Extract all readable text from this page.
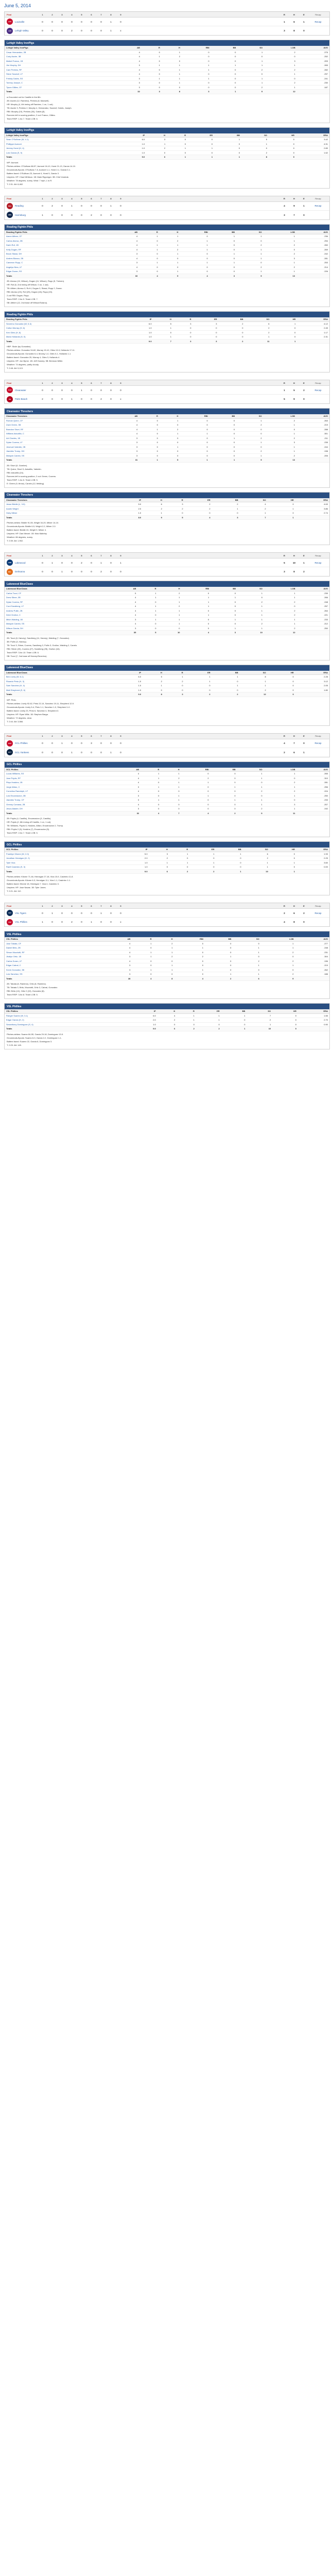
June 5, 2014
Final	1	2	3	4	5	6	7	8	9	R	H	E	Recap
LOU	Louisville	0	0	0	0	0	0	0	1	0	1	6	1	Recap
LHV	Lehigh Valley	0	0	0	2	0	0	0	1	x	3	8	0
Lehigh Valley IronPigs
Lehigh Valley IronPigs	AB	R	H	RBI	BB	SO	LOB	AVG
Cesar Hernandez, 2B	4	0	1	0	0	1	2	.275
Cody Asche, 3B	4	1	2	0	0	0	0	.252
Maikel Franco, 1B	4	0	0	0	0	1	3	.209
Jim Murphy, DH	3	1	1	1	1	1	1	.265
Cam Perkins, RF	4	0	1	1	0	2	2	.282
Steve Susdorf, LF	4	0	1	0	0	0	1	.297
Freddy Galvis, SS	3	1	1	1	0	1	0	.241
Tommy Joseph, C	3	0	1	0	0	1	2	.230
Tyson Gillies, CF	3	0	0	0	0	2	1	.187
Totals	32	3	8	3	1	9	12	

a-Grounded out for Castillo in the 8th.

2B: Asche (12, Ramirez), Perkins (8, Maxwell).

HR: Murphy (4, 4th inning off Ramirez, 1 on, 1 out).

TB: Asche 3, Perkins 2, Murphy 4, Hernandez, Susdorf, Galvis, Joseph.

RBI: Murphy (19), Perkins (30), Galvis (8).

Runners left in scoring position, 2 out: Franco, Gillies.

Team RISP: 1-for-7. Team LOB: 6.

Lehigh Valley IronPigs
Lehigh Valley IronPigs	IP	H	R	ER	BB	SO	HR	ERA
Sean O'Sullivan (W, 4-1)	6.0	3	0	0	1	5	0	3.42
Phillippe Aumont	1.0	1	0	0	0	1	0	4.91
Jeremy Horst (H, 4)	1.0	2	1	1	0	0	0	2.89
Luis Garcia (S, 9)	1.0	0	0	0	0	2	0	1.62
Totals	9.0	6	1	1	1	8	0	

WP: Aumont.

Pitches-strikes: O'Sullivan 88-57, Aumont 16-10, Horst 21-13, Garcia 14-10.

Groundouts-flyouts: O'Sullivan 7-5, Aumont 1-1, Horst 2-1, Garcia 0-1.

Batters faced: O'Sullivan 23, Aumont 4, Horst 5, Garcia 3.

Umpires: HP: Chad Whitson. 1B: Mark Ripperger. 3B: Clint Vondrak.

Weather: 78 degrees, sunny. Wind: 7 mph, L to R.

T: 2:31. Att: 8,462.

Final	1	2	3	4	5	6	7	8	9	R	H	E	Recap
REA	Reading	0	2	0	1	0	0	0	1	0	4	9	1	Recap
HBG	Harrisburg	1	0	0	0	0	2	0	0	0	3	7	0
Reading Fightin Phils
Reading Fightin Phils	AB	R	H	RBI	BB	SO	LOB	AVG
Aaron Altherr, CF	4	1	1	0	1	1	1	.236
Carlos Alonso, 3B	4	0	2	1	0	0	1	.294
Darin Ruf, 1B	4	1	1	1	0	2	2	.260
Kelly Dugan, RF	4	1	2	1	0	1	0	.269
Brock Stassi, DH	3	0	1	0	1	1	2	.242
Andres Blanco, 2B	4	0	0	0	0	1	3	.281
Cameron Rupp, C	3	1	1	1	1	0	1	.253
Angelys Nina, LF	4	0	0	0	0	2	2	.214
Edgar Duran, SS	3	0	1	0	0	1	1	.226
Totals	33	4	9	4	3	9	13	

2B: Alonso (10, Wilson), Dugan (11, Wilson), Rupp (5, Treinen).

HR: Ruf (6, 2nd inning off Wilson, 0 on, 1 out).

TB: Altherr, Alonso 3, Ruf 4, Dugan 3, Stassi, Rupp 2, Duran.

RBI: Alonso (22), Ruf (25), Dugan (18), Rupp (15).

2-out RBI: Dugan, Rupp.

Team RISP: 2-for-9. Team LOB: 7.

SB: Altherr (12, 2nd base off Wilson/Solano).

Reading Fightin Phils
Reading Fightin Phils	IP	H	R	ER	BB	SO	HR	ERA
Severino Gonzalez (W, 5-3)	6.0	5	3	3	2	6	1	4.12
Colton Murray (H, 6)	1.0	1	0	0	0	2	0	2.45
Ken Giles (H, 8)	1.0	0	0	0	0	2	0	1.17
Mario Hollands (S, 5)	1.0	1	0	0	0	1	0	2.31
Totals	9.0	7	3	3	2	11	1	

HBP: Skole (by Gonzalez).

Pitches-strikes: Gonzalez 94-60, Murray 15-10, Giles 13-9, Hollands 17-11.

Groundouts-flyouts: Gonzalez 6-4, Murray 1-0, Giles 0-1, Hollands 1-1.

Batters faced: Gonzalez 25, Murray 4, Giles 3, Hollands 4.

Umpires: HP: Jon Byrne. 1B: Jeff Gosney. 3B: Brennan Miller.

Weather: 74 degrees, partly cloudy.

T: 2:48. Att: 5,113.

Final	1	2	3	4	5	6	7	8	9	R	H	E	Recap
CLR	Clearwater	0	0	0	0	1	0	0	0	0	1	5	2	Recap
PB	Palm Beach	2	0	0	1	0	0	2	0	x	5	9	0
Clearwater Threshers
Clearwater Threshers	AB	R	H	RBI	BB	SO	LOB	AVG
Roman Quinn, CF	4	0	1	0	0	1	2	.263
Zach Green, 3B	4	0	0	0	0	2	1	.219
Brandon Short, RF	4	1	2	0	0	0	0	.288
Willians Astudillo, C	4	0	1	1	0	0	1	.301
Art Charles, 1B	3	0	0	0	1	2	2	.211
Dylan Cozens, LF	3	0	0	0	0	1	3	.235
Jesmuel Valentin, 2B	3	0	1	0	0	0	1	.244
Jiandido Tromp, DH	3	0	0	0	0	2	1	.198
Malquin Canelo, SS	3	0	0	0	0	1	2	.206
Totals	31	1	5	1	1	9	13	

2B: Short (9, Gomber).

TB: Quinn, Short 3, Astudillo, Valentin.

RBI: Astudillo (24).

Runners left in scoring position, 2 out: Green, Cozens.

Team RISP: 1-for-5. Team LOB: 5.

E: Green (9, throw), Canelo (12, fielding).

Clearwater Threshers
Clearwater Threshers	IP	H	R	ER	BB	SO	HR	ERA
Jesse Biddle (L, 3-5)	5.0	6	3	2	2	4	0	4.63
Austin Wright	2.0	2	2	2	1	2	1	3.86
Hoby Milner	1.0	1	0	0	0	1	0	2.74
Totals	8.0	9	5	4	3	7	1	

Pitches-strikes: Biddle 91-55, Wright 34-20, Milner 14-10.

Groundouts-flyouts: Biddle 6-5, Wright 2-2, Milner 2-0.

Batters faced: Biddle 24, Wright 9, Milner 4.

Umpires: HP: Dan Merzel. 1B: Nick Mahrley.

Weather: 86 degrees, sunny.

T: 2:39. Att: 1,902.

Final	1	2	3	4	5	6	7	8	9	R	H	E	Recap
LWD	Lakewood	0	1	0	0	2	0	1	0	1	5	10	1	Recap
DEL	Delmarva	0	0	1	0	0	0	2	0	0	3	8	2
Lakewood BlueClaws
Lakewood BlueClaws	AB	R	H	RBI	BB	SO	LOB	AVG
Carlos Tocci, CF	5	1	2	0	0	1	1	.239
Drew Stiner, 3B	4	1	1	1	1	0	1	.266
Dylan Cozens, RF	4	0	1	1	0	2	2	.248
Cord Sandberg, LF	4	1	2	1	0	1	0	.257
Andrew Pullin, 2B	4	1	1	0	0	1	2	.264
Deivi Grullon, C	4	0	1	1	0	1	2	.221
Mitch Walding, 1B	3	1	1	0	1	1	1	.233
Malquin Canelo, SS	4	0	1	0	0	2	1	.212
Wilson Garcia, DH	3	0	0	0	1	1	2	.250
Totals	35	5	10	4	3	10	12	

2B: Tocci (8, Harvey), Sandberg (11, Harvey), Walding (7, Gonzalez).

3B: Pullin (3, Harvey).

TB: Tocci 3, Stiner, Cozens, Sandberg 3, Pullin 3, Grullon, Walding 2, Canelo.

RBI: Stiner (20), Cozens (27), Sandberg (25), Grullon (16).

Team RISP: 3-for-10. Team LOB: 6.

SB: Tocci (7, 2nd base off Harvey/Severino).

Lakewood BlueClaws
Lakewood BlueClaws	IP	H	R	ER	BB	SO	HR	ERA
Ben Lively (W, 6-1)	6.0	5	1	1	1	8	0	2.28
Ricardo Pinto (H, 3)	1.0	2	2	1	0	1	0	3.12
Sam Sanchez (H, 4)	1.0	1	0	0	1	1	0	2.05
Matt Shepherd (S, 6)	1.0	0	0	0	0	2	0	1.80
Totals	9.0	8	3	2	2	12	0	

WP: Pinto.

Pitches-strikes: Lively 92-62, Pinto 22-14, Sanchez 19-11, Shepherd 12-9.

Groundouts-flyouts: Lively 5-4, Pinto 1-1, Sanchez 1-0, Shepherd 1-0.

Batters faced: Lively 23, Pinto 6, Sanchez 4, Shepherd 3.

Umpires: HP: Ryan Wills. 1B: Stephen Barga.

Weather: 72 degrees, clear.

T: 2:44. Att: 3,566.

Final	1	2	3	4	5	6	7	8	9	R	H	E	Recap
GCP	GCL Phillies	0	0	1	0	0	3	0	0	0	4	7	0	Recap
GCY	GCL Yankees	0	0	0	1	0	0	0	1	0	2	6	1
GCL Phillies
GCL Phillies	AB	R	H	RBI	BB	SO	LOB	AVG
Lucas Williams, SS	4	1	1	0	0	1	1	.265
Jose Pujols, RF	4	1	2	2	0	1	0	.310
Rhys Hoskins, 1B	4	0	1	1	0	0	2	.281
Jorge Alfaro, C	3	1	1	0	1	1	1	.256
Cornelius Randolph, LF	4	0	0	0	0	2	2	.224
Luis Encarnacion, 3B	3	0	1	1	0	0	1	.250
Jiandido Tromp, CF	3	1	1	0	1	1	0	.233
Grenny Cumana, 2B	4	0	0	0	0	1	3	.207
Jesus Alastre, DH	3	0	0	0	0	2	1	.192
Totals	32	4	7	4	2	9	11	

2B: Pujols (4, Castillo), Encarnacion (3, Castillo).

HR: Pujols (2, 6th inning off Castillo, 1 on, 1 out).

TB: Williams, Pujols 6, Hoskins, Alfaro, Encarnacion 2, Tromp.

RBI: Pujols 2 (9), Hoskins (7), Encarnacion (5).

Team RISP: 2-for-7. Team LOB: 5.

GCL Phillies
GCL Phillies	IP	H	R	ER	BB	SO	HR	ERA
Franklyn Kilome (W, 2-0)	5.0	3	1	1	1	6	0	1.93
Jonathan Hennigan (H, 2)	2.0	2	0	0	0	2	0	2.25
Tyler Viza	1.0	1	1	1	0	1	1	3.60
Ranfi Casimiro (S, 3)	1.0	0	0	0	0	1	0	0.00
Totals	9.0	6	2	2	1	10	1	

Pitches-strikes: Kilome 71-46, Hennigan 27-18, Viza 15-9, Casimiro 11-8.

Groundouts-flyouts: Kilome 6-3, Hennigan 3-1, Viza 1-1, Casimiro 1-1.

Batters faced: Kilome 18, Hennigan 7, Viza 4, Casimiro 3.

Umpires: HP: Jose Navas. 1B: Tyler Jones.

T: 2:21. Att: 112.

Final	1	2	3	4	5	6	7	8	9	R	H	E	Recap
VST	VSL Tigers	0	1	0	0	0	0	1	0	0	2	6	2	Recap
VSP	VSL Phillies	1	0	0	2	0	1	0	0	x	4	8	0
VSL Phillies
VSL Phillies	AB	R	H	RBI	BB	SO	LOB	AVG
Jose Tabata, CF	4	1	2	0	0	0	1	.277
Daniel Brito, 2B	4	0	1	1	0	1	1	.248
Simon Muzziotti, RF	4	1	1	0	0	1	2	.231
Jhailyn Ortiz, 1B	3	1	2	2	1	0	0	.304
Carlos Duran, LF	4	0	0	0	0	2	2	.196
Edgar Cabral, C	3	0	1	0	0	1	1	.219
Kevin Gonzalez, 3B	3	1	1	1	0	0	0	.262
Luis Sanchez, SS	3	0	0	0	1	1	2	.188
Totals	28	4	8	4	2	6	9	

2B: Tabata (6, Ramirez), Ortiz (8, Ramirez).

TB: Tabata 3, Brito, Muzziotti, Ortiz 3, Cabral, Gonzalez.

RBI: Brito (12), Ortiz 2 (19), Gonzalez (8).

Team RISP: 3-for-8. Team LOB: 5.

VSL Phillies
VSL Phillies	IP	H	R	ER	BB	SO	HR	ERA
Ranger Suarez (W, 3-1)	6.0	4	1	1	1	7	0	1.66
Edgar Garcia (H, 2)	2.0	2	1	1	0	2	0	2.70
Seranthony Dominguez (S, 4)	1.0	0	0	0	0	1	0	0.90
Totals	9.0	6	2	2	1	10	0	

Pitches-strikes: Suarez 84-55, Garcia 29-18, Dominguez 13-9.

Groundouts-flyouts: Suarez 8-3, Garcia 2-2, Dominguez 1-1.

Batters faced: Suarez 22, Garcia 8, Dominguez 3.

T: 2:29. Att: 145.
